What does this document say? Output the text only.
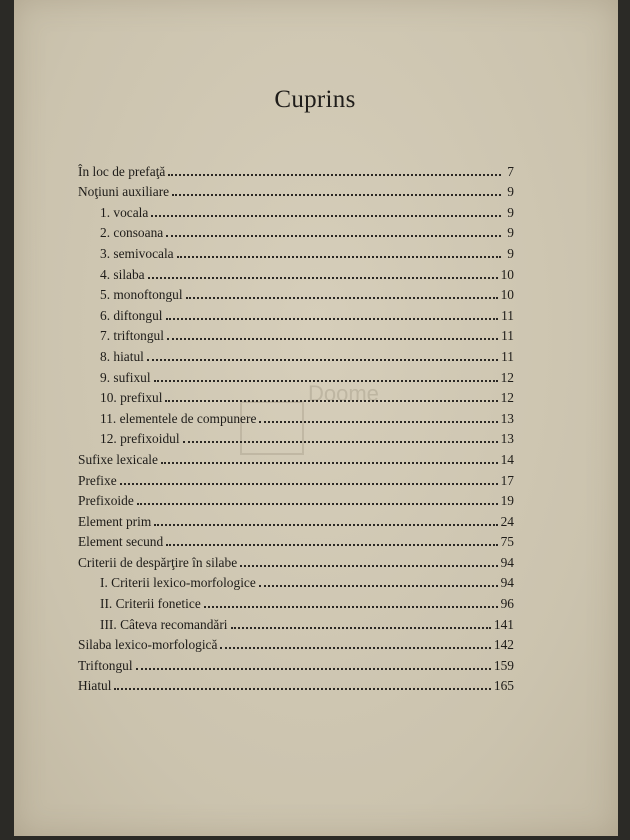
Doome
Cuprins
În loc de prefaţă	7
Noţiuni auxiliare	9
1. vocala	9
2. consoana	9
3. semivocala	9
4. silaba	10
5. monoftongul	10
6. diftongul	11
7. triftongul	11
8. hiatul	11
9. sufixul	12
10. prefixul	12
11. elementele de compunere	13
12. prefixoidul	13
Sufixe lexicale	14
Prefixe	17
Prefixoide	19
Element prim	24
Element secund	75
Criterii de despărţire în silabe	94
I. Criterii lexico-morfologice	94
II. Criterii fonetice	96
III. Câteva recomandări	141
Silaba lexico-morfologică	142
Triftongul	159
Hiatul	165
